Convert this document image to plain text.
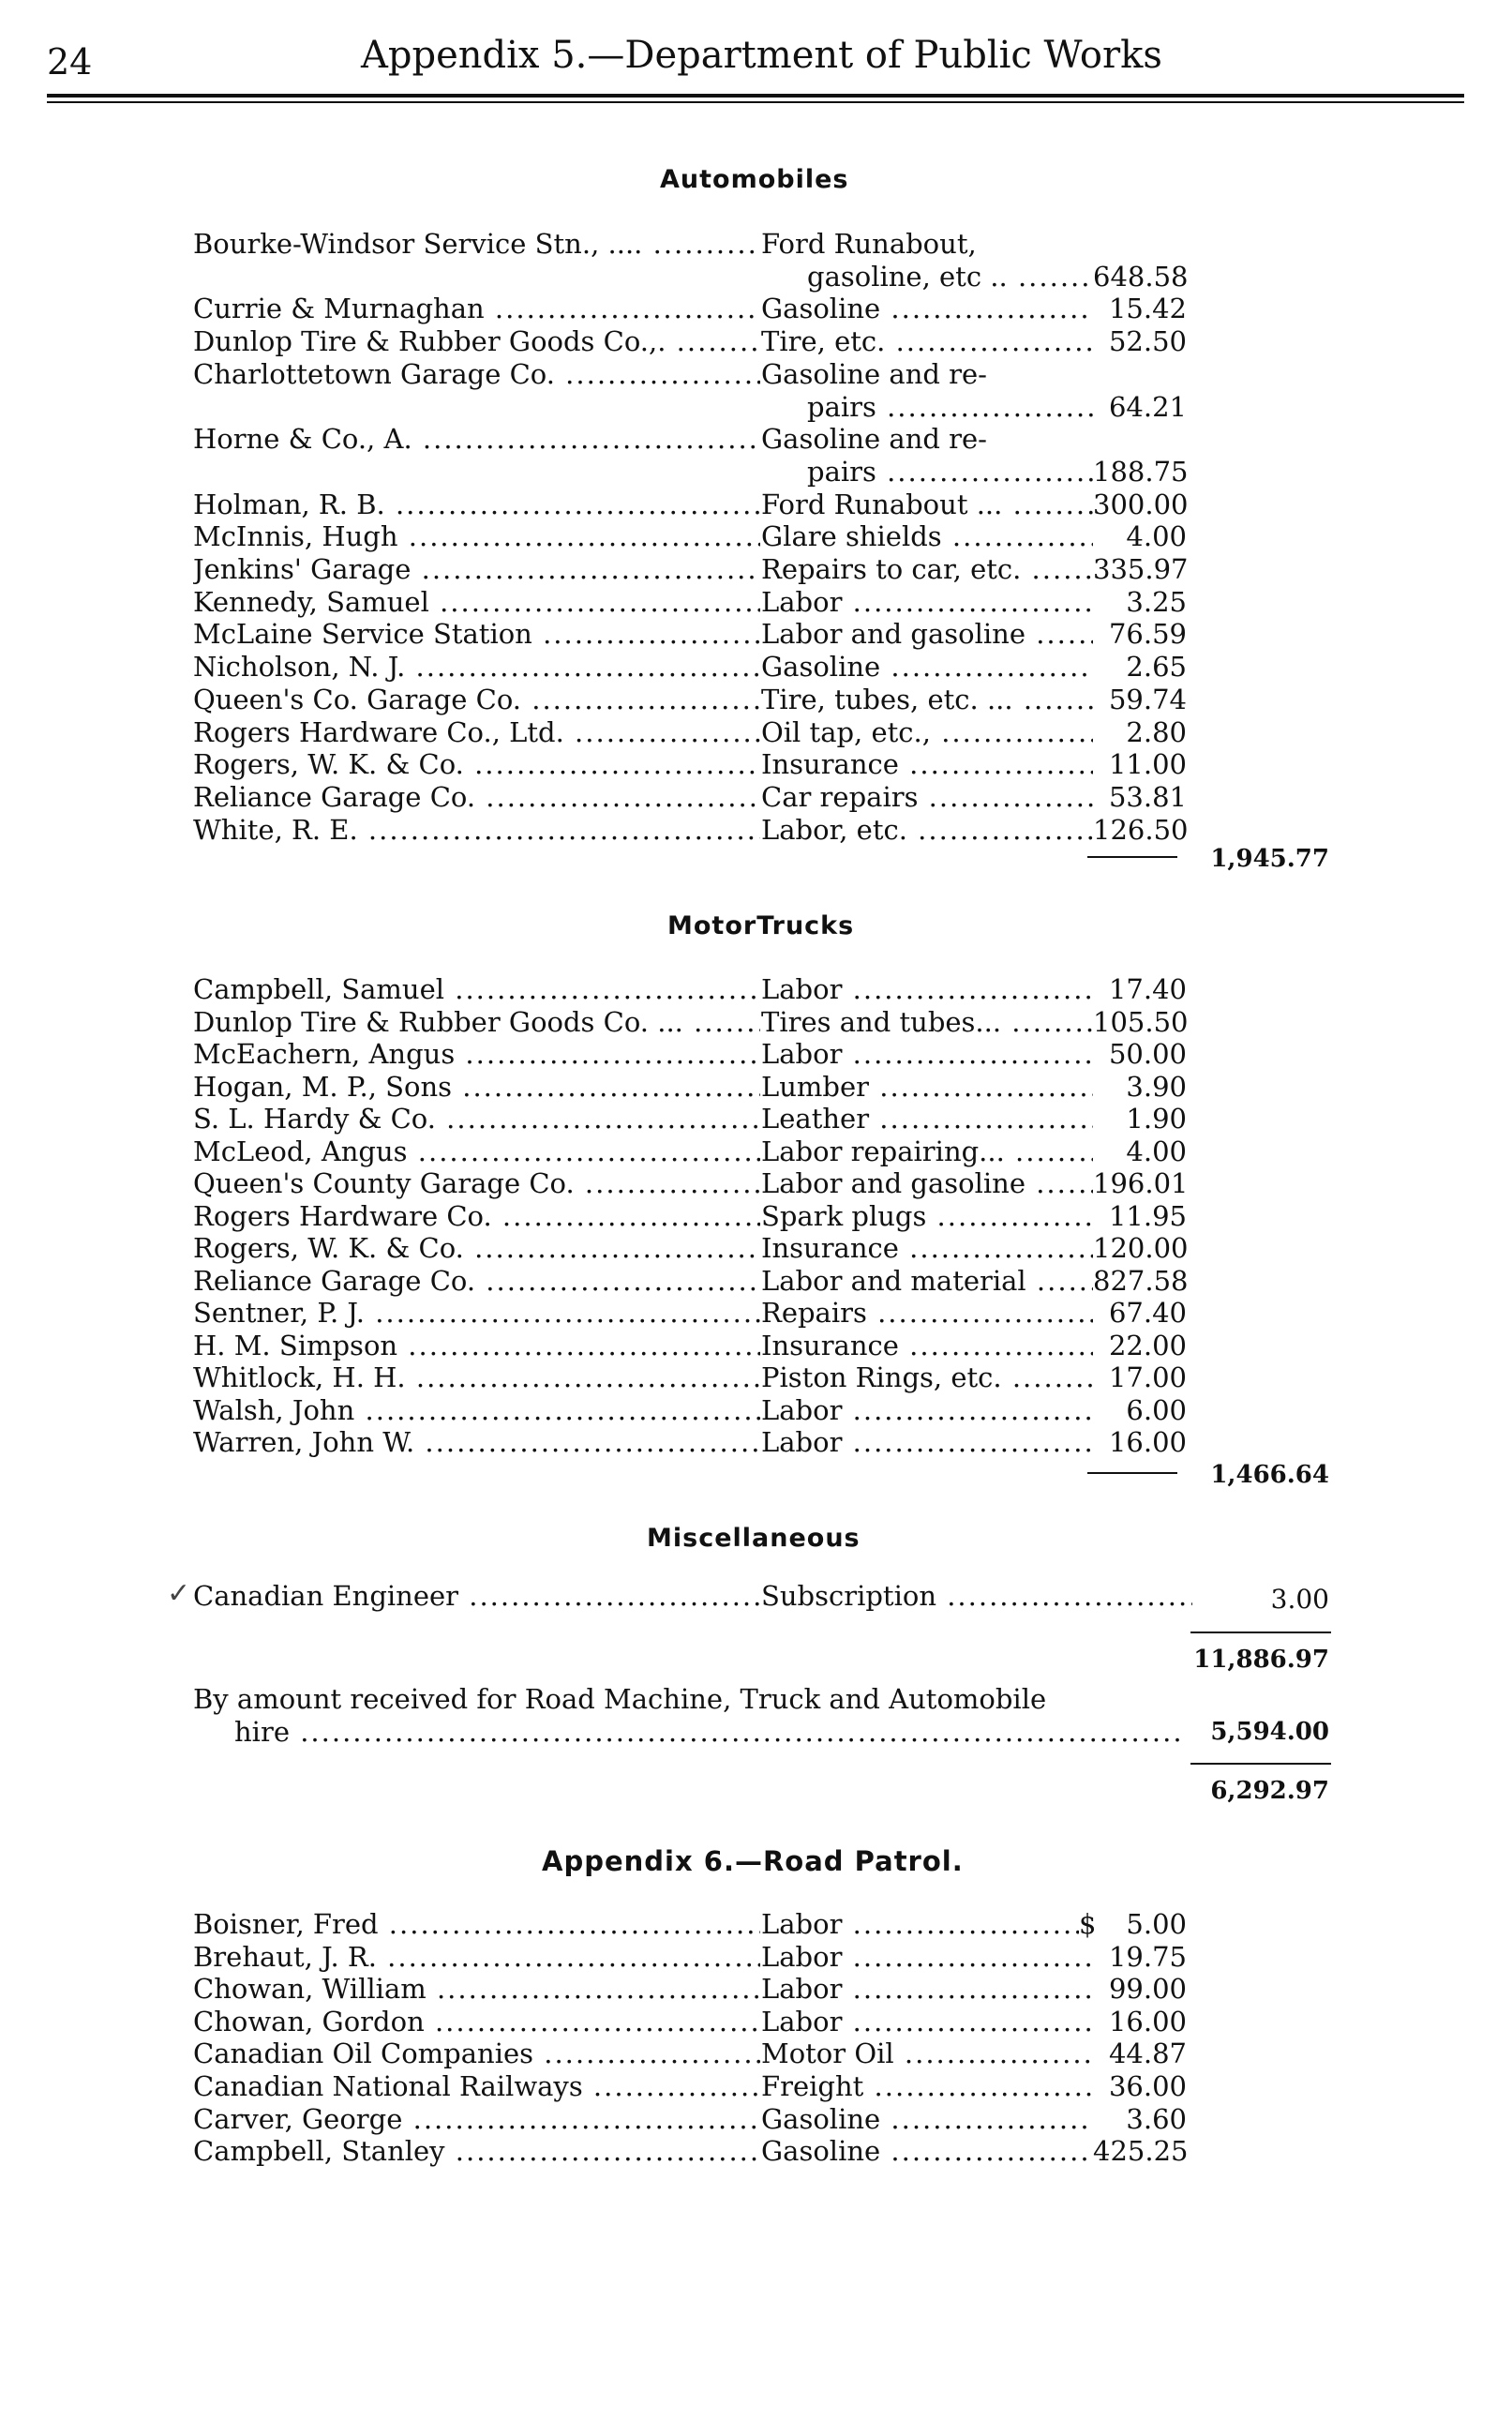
24	Appendix 5.—Department of Public Works
Automobiles
Bourke-Windsor Service Stn., .... .....	Ford Runabout,
gasoline, etc .. .....	648.58
Currie & Murnaghan .....	Gasoline .....	15.42
Dunlop Tire & Rubber Goods Co.,. .....	Tire, etc. .....	52.50
Charlottetown Garage Co. .....	Gasoline and re-
pairs .....	64.21
Horne & Co., A. .....	Gasoline and re-
pairs .....	188.75
Holman, R. B. .....	Ford Runabout ... .....	300.00
McInnis, Hugh .....	Glare shields .....	4.00
Jenkins' Garage .....	Repairs to car, etc. .....	335.97
Kennedy, Samuel .....	Labor .....	3.25
McLaine Service Station .....	Labor and gasoline .....	76.59
Nicholson, N. J. .....	Gasoline .....	2.65
Queen's Co. Garage Co. .....	Tire, tubes, etc. ... .....	59.74
Rogers Hardware Co., Ltd. .....	Oil tap, etc., .....	2.80
Rogers, W. K. & Co. .....	Insurance .....	11.00
Reliance Garage Co. .....	Car repairs .....	53.81
White, R. E. .....	Labor, etc. .....	126.50
1,945.77
MotorTrucks
Campbell, Samuel .....	Labor .....	17.40
Dunlop Tire & Rubber Goods Co. ... .....	Tires and tubes... .....	105.50
McEachern, Angus .....	Labor .....	50.00
Hogan, M. P., Sons .....	Lumber .....	3.90
S. L. Hardy & Co. .....	Leather .....	1.90
McLeod, Angus .....	Labor repairing... .....	4.00
Queen's County Garage Co. .....	Labor and gasoline .....	196.01
Rogers Hardware Co. .....	Spark plugs .....	11.95
Rogers, W. K. & Co. .....	Insurance .....	120.00
Reliance Garage Co. .....	Labor and material .....	827.58
Sentner, P. J. .....	Repairs .....	67.40
H. M. Simpson .....	Insurance .....	22.00
Whitlock, H. H. .....	Piston Rings, etc. .....	17.00
Walsh, John .....	Labor .....	6.00
Warren, John W. .....	Labor .....	16.00
1,466.64
Miscellaneous
✓ Canadian Engineer .....	Subscription .....	3.00
11,886.97
By amount received for Road Machine, Truck and Automobile
hire .....	5,594.00
6,292.97
Appendix 6.—Road Patrol.
Boisner, Fred .....	Labor .....	$	5.00
Brehaut, J. R. .....	Labor .....	19.75
Chowan, William .....	Labor .....	99.00
Chowan, Gordon .....	Labor .....	16.00
Canadian Oil Companies .....	Motor Oil .....	44.87
Canadian National Railways .....	Freight .....	36.00
Carver, George .....	Gasoline .....	3.60
Campbell, Stanley .....	Gasoline .....	425.25
